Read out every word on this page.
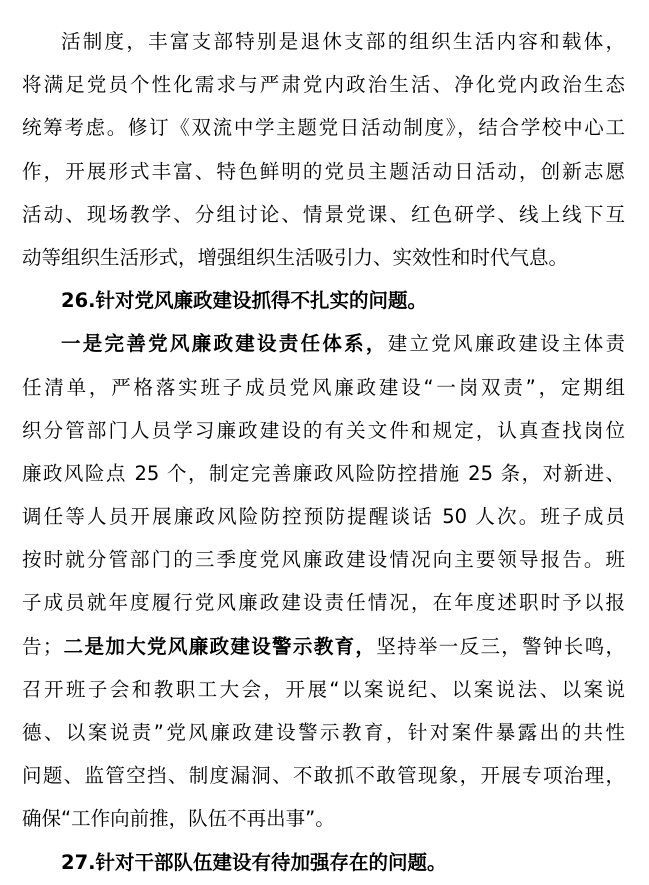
活制度，丰富支部特别是退休支部的组织生活内容和载体，
将满足党员个性化需求与严肃党内政治生活、净化党内政治生态
统筹考虑。修订《双流中学主题党日活动制度》，结合学校中心工
作，开展形式丰富、特色鲜明的党员主题活动日活动，创新志愿
活动、现场教学、分组讨论、情景党课、红色研学、线上线下互
动等组织生活形式，增强组织生活吸引力、实效性和时代气息。
26.针对党风廉政建设抓得不扎实的问题。
一是完善党风廉政建设责任体系，建立党风廉政建设主体责
任清单，严格落实班子成员党风廉政建设“一岗双责”，定期组
织分管部门人员学习廉政建设的有关文件和规定，认真查找岗位
廉政风险点 25 个，制定完善廉政风险防控措施 25 条，对新进、
调任等人员开展廉政风险防控预防提醒谈话 50 人次。班子成员
按时就分管部门的三季度党风廉政建设情况向主要领导报告。班
子成员就年度履行党风廉政建设责任情况，在年度述职时予以报
告；二是加大党风廉政建设警示教育，坚持举一反三，警钟长鸣，
召开班子会和教职工大会，开展“以案说纪、以案说法、以案说
德、以案说责”党风廉政建设警示教育，针对案件暴露出的共性
问题、监管空挡、制度漏洞、不敢抓不敢管现象，开展专项治理，
确保“工作向前推，队伍不再出事”。
27.针对干部队伍建设有待加强存在的问题。
